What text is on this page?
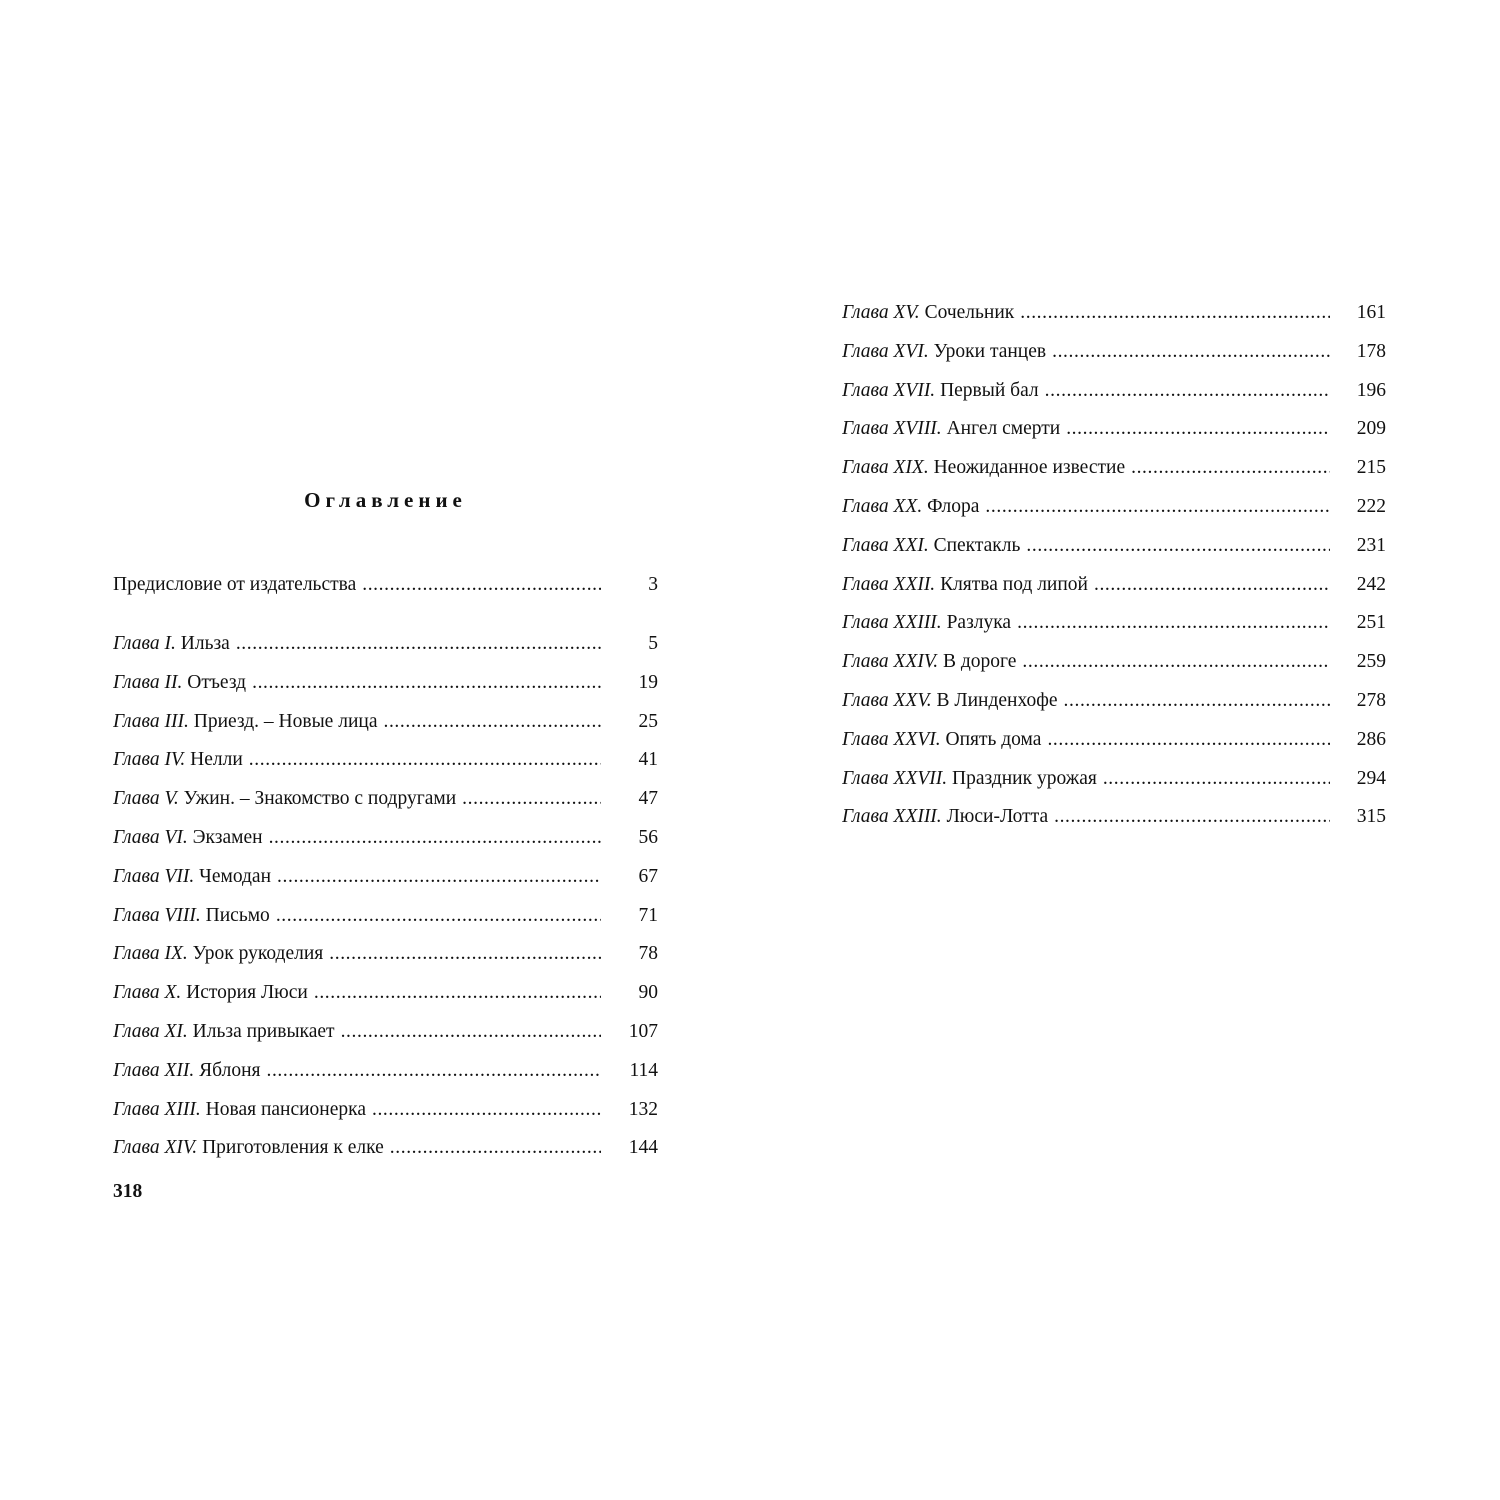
Оглавление
Предисловие от издательства .....	3
Глава I. Ильза .....	5
Глава II. Отъезд .....	19
Глава III. Приезд. – Новые лица .....	25
Глава IV. Нелли .....	41
Глава V. Ужин. – Знакомство с подругами .....	47
Глава VI. Экзамен .....	56
Глава VII. Чемодан .....	67
Глава VIII. Письмо .....	71
Глава IX. Урок рукоделия .....	78
Глава X. История Люси .....	90
Глава XI. Ильза привыкает .....	107
Глава XII. Яблоня .....	114
Глава XIII. Новая пансионерка .....	132
Глава XIV. Приготовления к елке .....	144
Глава XV. Сочельник .....	161
Глава XVI. Уроки танцев .....	178
Глава XVII. Первый бал .....	196
Глава XVIII. Ангел смерти .....	209
Глава XIX. Неожиданное известие .....	215
Глава XX. Флора .....	222
Глава XXI. Спектакль .....	231
Глава XXII. Клятва под липой .....	242
Глава XXIII. Разлука .....	251
Глава XXIV. В дороге .....	259
Глава XXV. В Линденхофе .....	278
Глава XXVI. Опять дома .....	286
Глава XXVII. Праздник урожая .....	294
Глава XXIII. Люси-Лотта .....	315

318
